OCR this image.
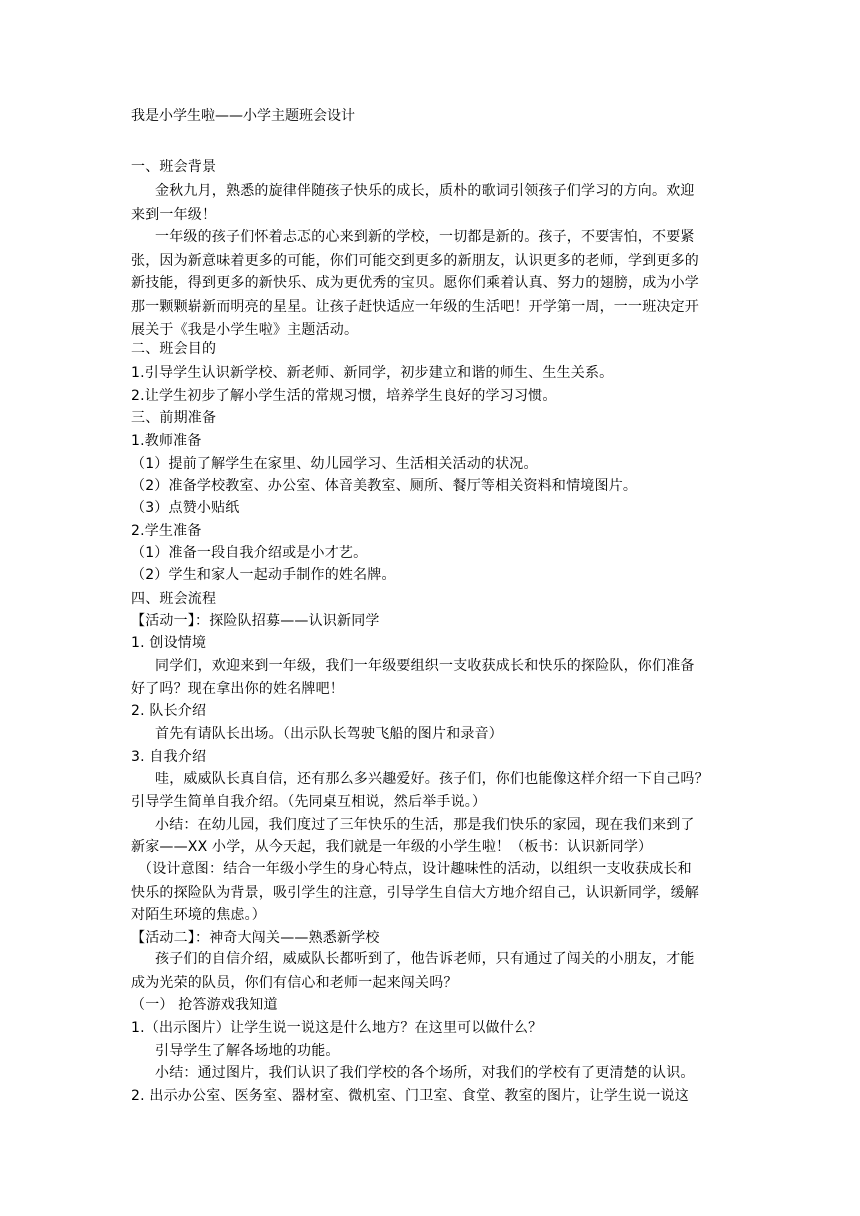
我是小学生啦——小学主题班会设计
一、班会背景
金秋九月，熟悉的旋律伴随孩子快乐的成长，质朴的歌词引领孩子们学习的方向。欢迎
来到一年级！
一年级的孩子们怀着忐忑的心来到新的学校，一切都是新的。孩子，不要害怕，不要紧
张，因为新意味着更多的可能，你们可能交到更多的新朋友，认识更多的老师，学到更多的
新技能，得到更多的新快乐、成为更优秀的宝贝。愿你们乘着认真、努力的翅膀，成为小学
那一颗颗崭新而明亮的星星。让孩子赶快适应一年级的生活吧！开学第一周，一一班决定开
展关于《我是小学生啦》主题活动。
二、班会目的
1.引导学生认识新学校、新老师、新同学，初步建立和谐的师生、生生关系。
2.让学生初步了解小学生活的常规习惯，培养学生良好的学习习惯。
三、前期准备
1.教师准备
（1）提前了解学生在家里、幼儿园学习、生活相关活动的状况。
（2）准备学校教室、办公室、体音美教室、厕所、餐厅等相关资料和情境图片。
（3）点赞小贴纸
2.学生准备
（1）准备一段自我介绍或是小才艺。
（2）学生和家人一起动手制作的姓名牌。
四、班会流程
【活动一】：探险队招募——认识新同学
1. 创设情境
同学们，欢迎来到一年级，我们一年级要组织一支收获成长和快乐的探险队，你们准备
好了吗？现在拿出你的姓名牌吧！
2. 队长介绍
首先有请队长出场。（出示队长驾驶飞船的图片和录音）
3. 自我介绍
哇，威威队长真自信，还有那么多兴趣爱好。孩子们，你们也能像这样介绍一下自己吗？
引导学生简单自我介绍。（先同桌互相说，然后举手说。）
小结：在幼儿园，我们度过了三年快乐的生活，那是我们快乐的家园，现在我们来到了
新家——XX 小学，从今天起，我们就是一年级的小学生啦！（板书：认识新同学）
（设计意图：结合一年级小学生的身心特点，设计趣味性的活动，以组织一支收获成长和
快乐的探险队为背景，吸引学生的注意，引导学生自信大方地介绍自己，认识新同学，缓解
对陌生环境的焦虑。）
【活动二】：神奇大闯关——熟悉新学校
孩子们的自信介绍，威威队长都听到了，他告诉老师，只有通过了闯关的小朋友，才能
成为光荣的队员，你们有信心和老师一起来闯关吗？
（一） 抢答游戏我知道
1.（出示图片）让学生说一说这是什么地方？在这里可以做什么？
引导学生了解各场地的功能。
小结：通过图片，我们认识了我们学校的各个场所，对我们的学校有了更清楚的认识。
2. 出示办公室、医务室、器材室、微机室、门卫室、食堂、教室的图片，让学生说一说这
